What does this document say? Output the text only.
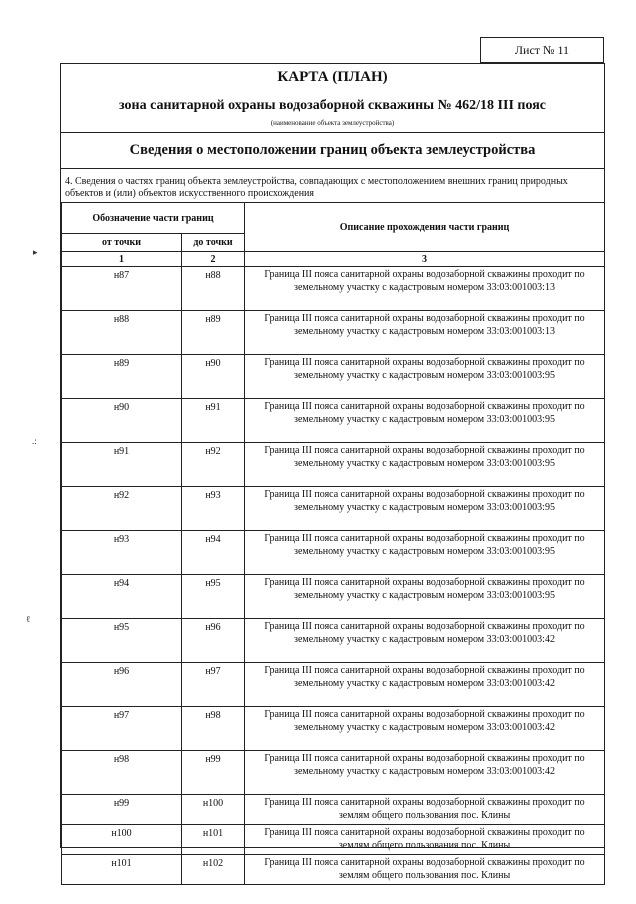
Лист № 11
▸
.:
ℓ
КАРТА (ПЛАН)
зона санитарной охраны водозаборной скважины № 462/18 III пояс
(наименование объекта землеустройства)
Сведения о местоположении границ объекта землеустройства
4. Сведения о частях границ объекта землеустройства, совпадающих с местоположением внешних границ природных объектов и (или) объектов искусственного происхождения
Обозначение части границ		Описание прохождения части границ
от точки	до точки	
1	2	3
н87	н88	Граница III пояса санитарной охраны водозаборной скважины проходит по земельному участку с кадастровым номером 33:03:001003:13
н88	н89	Граница III пояса санитарной охраны водозаборной скважины проходит по земельному участку с кадастровым номером 33:03:001003:13
н89	н90	Граница III пояса санитарной охраны водозаборной скважины проходит по земельному участку с кадастровым номером 33:03:001003:95
н90	н91	Граница III пояса санитарной охраны водозаборной скважины проходит по земельному участку с кадастровым номером 33:03:001003:95
н91	н92	Граница III пояса санитарной охраны водозаборной скважины проходит по земельному участку с кадастровым номером 33:03:001003:95
н92	н93	Граница III пояса санитарной охраны водозаборной скважины проходит по земельному участку с кадастровым номером 33:03:001003:95
н93	н94	Граница III пояса санитарной охраны водозаборной скважины проходит по земельному участку с кадастровым номером 33:03:001003:95
н94	н95	Граница III пояса санитарной охраны водозаборной скважины проходит по земельному участку с кадастровым номером 33:03:001003:95
н95	н96	Граница III пояса санитарной охраны водозаборной скважины проходит по земельному участку с кадастровым номером 33:03:001003:42
н96	н97	Граница III пояса санитарной охраны водозаборной скважины проходит по земельному участку с кадастровым номером 33:03:001003:42
н97	н98	Граница III пояса санитарной охраны водозаборной скважины проходит по земельному участку с кадастровым номером 33:03:001003:42
н98	н99	Граница III пояса санитарной охраны водозаборной скважины проходит по земельному участку с кадастровым номером 33:03:001003:42
н99	н100	Граница III пояса санитарной охраны водозаборной скважины проходит по землям общего пользования пос. Клины
н100	н101	Граница III пояса санитарной охраны водозаборной скважины проходит по землям общего пользования пос. Клины
н101	н102	Граница III пояса санитарной охраны водозаборной скважины проходит по землям общего пользования пос. Клины
